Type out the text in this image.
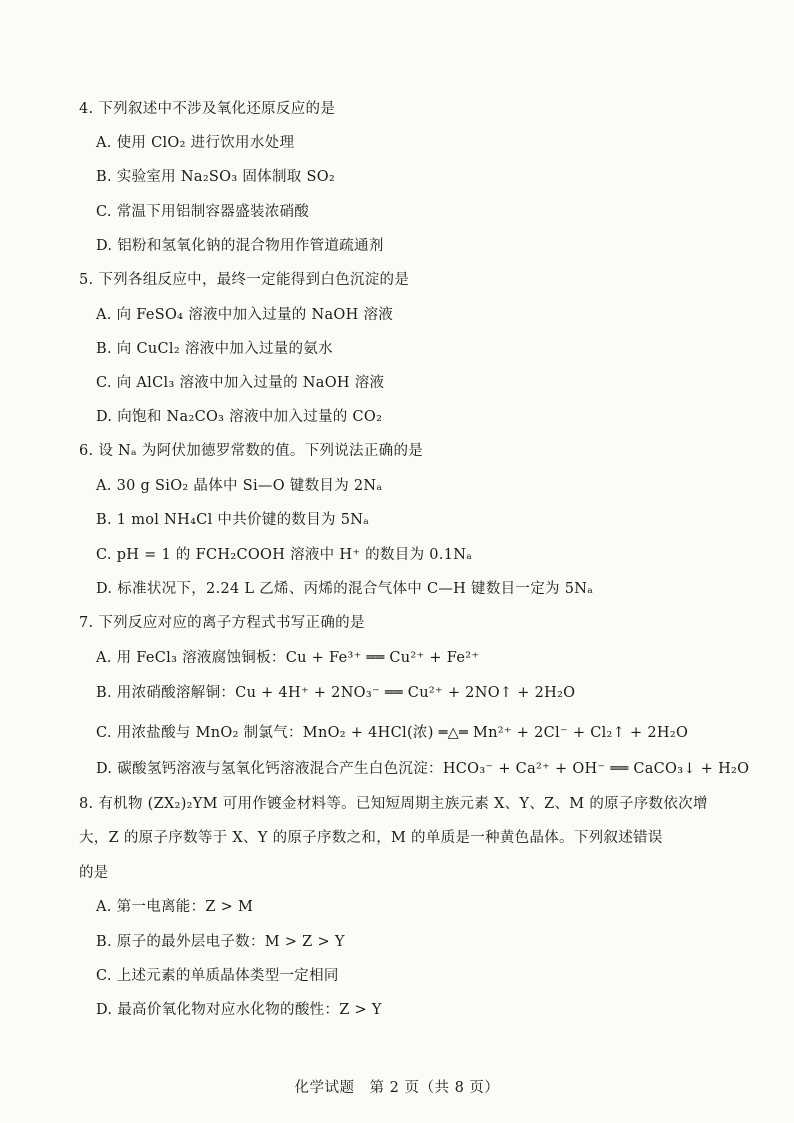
4. 下列叙述中不涉及氧化还原反应的是
A. 使用 ClO₂ 进行饮用水处理
B. 实验室用 Na₂SO₃ 固体制取 SO₂
C. 常温下用铝制容器盛装浓硝酸
D. 铝粉和氢氧化钠的混合物用作管道疏通剂
5. 下列各组反应中，最终一定能得到白色沉淀的是
A. 向 FeSO₄ 溶液中加入过量的 NaOH 溶液
B. 向 CuCl₂ 溶液中加入过量的氨水
C. 向 AlCl₃ 溶液中加入过量的 NaOH 溶液
D. 向饱和 Na₂CO₃ 溶液中加入过量的 CO₂
6. 设 Nₐ 为阿伏加德罗常数的值。下列说法正确的是
A. 30 g SiO₂ 晶体中 Si—O 键数目为 2Nₐ
B. 1 mol NH₄Cl 中共价键的数目为 5Nₐ
C. pH = 1 的 FCH₂COOH 溶液中 H⁺ 的数目为 0.1Nₐ
D. 标准状况下，2.24 L 乙烯、丙烯的混合气体中 C—H 键数目一定为 5Nₐ
7. 下列反应对应的离子方程式书写正确的是
A. 用 FeCl₃ 溶液腐蚀铜板：Cu + Fe³⁺ ══ Cu²⁺ + Fe²⁺
B. 用浓硝酸溶解铜：Cu + 4H⁺ + 2NO₃⁻ ══ Cu²⁺ + 2NO↑ + 2H₂O
C. 用浓盐酸与 MnO₂ 制氯气：MnO₂ + 4HCl(浓) ═△═ Mn²⁺ + 2Cl⁻ + Cl₂↑ + 2H₂O
D. 碳酸氢钙溶液与氢氧化钙溶液混合产生白色沉淀：HCO₃⁻ + Ca²⁺ + OH⁻ ══ CaCO₃↓ + H₂O
8. 有机物 (ZX₂)₂YM 可用作镀金材料等。已知短周期主族元素 X、Y、Z、M 的原子序数依次增
大，Z 的原子序数等于 X、Y 的原子序数之和，M 的单质是一种黄色晶体。下列叙述错误
的是
A. 第一电离能：Z > M
B. 原子的最外层电子数：M > Z > Y
C. 上述元素的单质晶体类型一定相同
D. 最高价氧化物对应水化物的酸性：Z > Y
化学试题　第 2 页（共 8 页）
